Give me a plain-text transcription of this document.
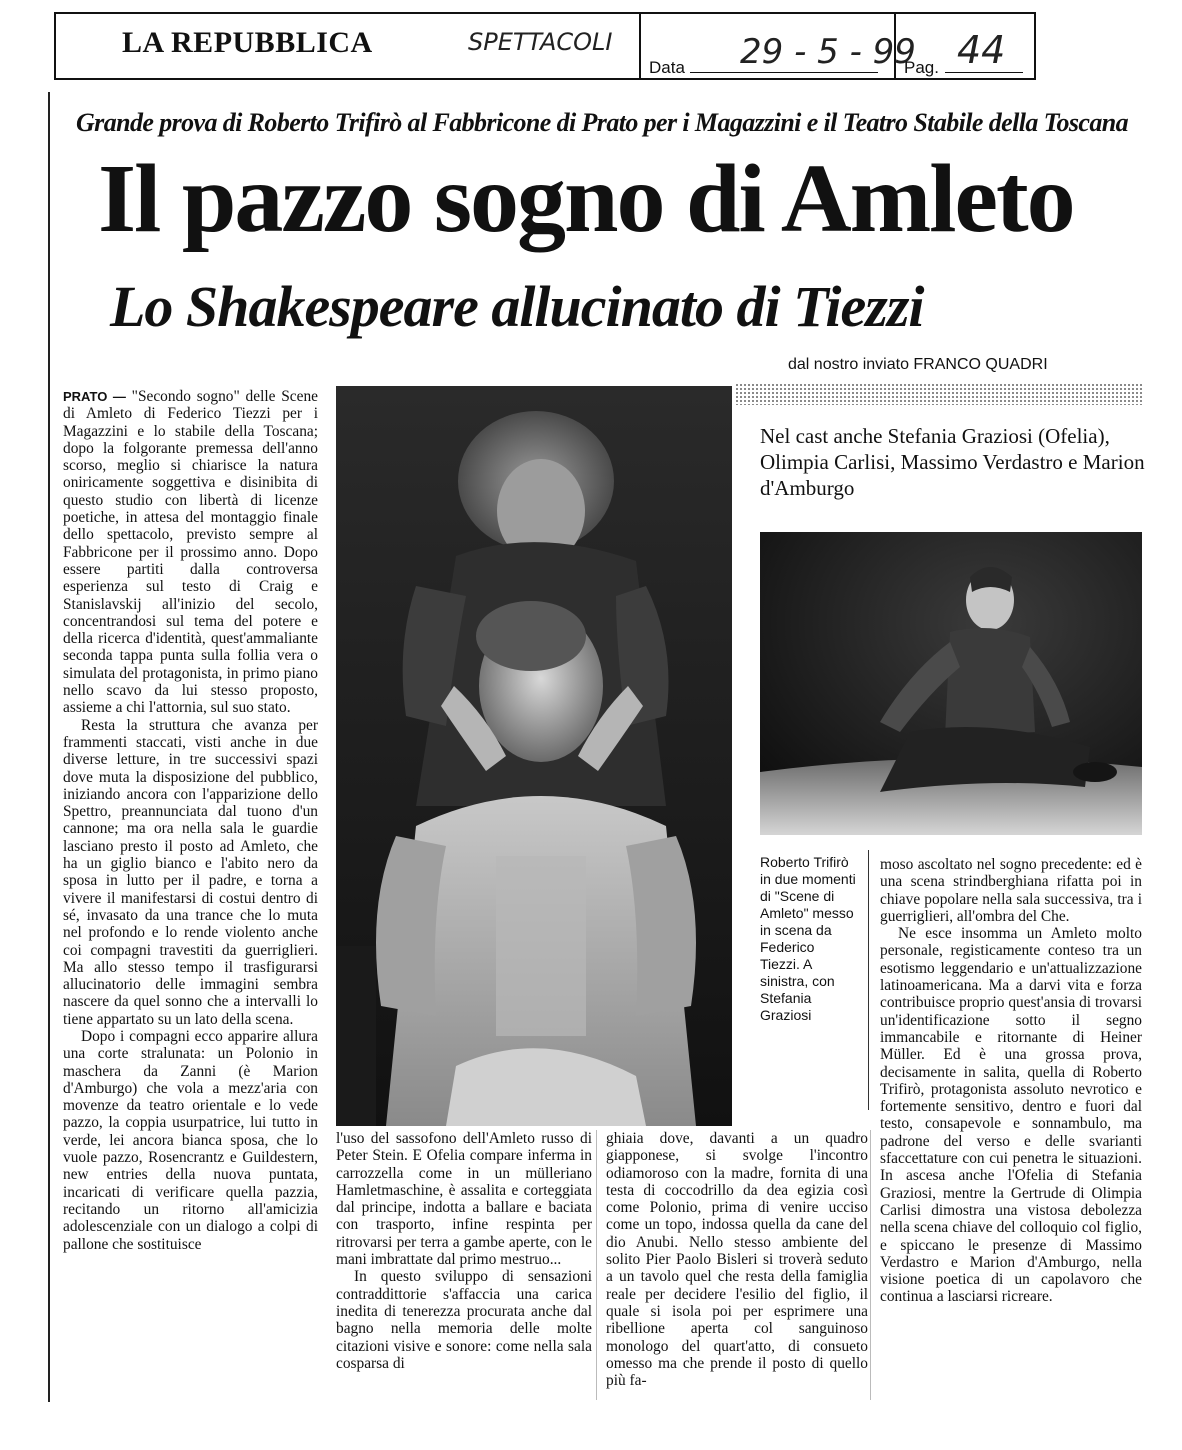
LA REPUBBLICA	SPETTACOLI
Data 29 - 5 - 99
Pag. 44
Grande prova di Roberto Trifirò al Fabbricone di Prato per i Magazzini e il Teatro Stabile della Toscana
Il pazzo sogno di Amleto
Lo Shakespeare allucinato di Tiezzi
dal nostro inviato FRANCO QUADRI

PRATO — "Secondo sogno" delle Scene di Amleto di Federico Tiezzi per i Magazzini e lo stabile della Toscana; dopo la folgorante premessa dell'anno scorso, meglio si chiarisce la natura oniricamente soggettiva e disinibita di questo studio con libertà di licenze poetiche, in attesa del montaggio finale dello spettacolo, previsto sempre al Fabbricone per il prossimo anno. Dopo essere partiti dalla controversa esperienza sul testo di Craig e Stanislavskij all'inizio del secolo, concentrandosi sul tema del potere e della ricerca d'identità, quest'ammaliante seconda tappa punta sulla follia vera o simulata del protagonista, in primo piano nello scavo da lui stesso proposto, assieme a chi l'attornia, sul suo stato.

Resta la struttura che avanza per frammenti staccati, visti anche in due diverse letture, in tre successivi spazi dove muta la disposizione del pubblico, iniziando ancora con l'apparizione dello Spettro, preannunciata dal tuono d'un cannone; ma ora nella sala le guardie lasciano presto il posto ad Amleto, che ha un giglio bianco e l'abito nero da sposa in lutto per il padre, e torna a vivere il manifestarsi di costui dentro di sé, invasato da una trance che lo muta nel profondo e lo rende violento anche coi compagni travestiti da guerriglieri. Ma allo stesso tempo il trasfigurarsi allucinatorio delle immagini sembra nascere da quel sonno che a intervalli lo tiene appartato su un lato della scena.

Dopo i compagni ecco apparire allura una corte stralunata: un Polonio in maschera da Zanni (è Marion d'Amburgo) che vola a mezz'aria con movenze da teatro orientale e lo vede pazzo, la coppia usurpatrice, lui tutto in verde, lei ancora bianca sposa, che lo vuole pazzo, Rosencrantz e Guildestern, new entries della nuova puntata, incaricati di verificare quella pazzia, recitando un ritorno all'amicizia adolescenziale con un dialogo a colpi di pallone che sostituisce

Nel cast anche Stefania Graziosi (Ofelia), Olimpia Carlisi, Massimo Verdastro e Marion d'Amburgo
Roberto Trifirò in due momenti di "Scene di Amleto" messo in scena da Federico Tiezzi. A sinistra, con Stefania Graziosi

l'uso del sassofono dell'Amleto russo di Peter Stein. E Ofelia compare inferma in carrozzella come in un mülleriano Hamletmaschine, è assalita e corteggiata dal principe, indotta a ballare e baciata con trasporto, infine respinta per ritrovarsi per terra a gambe aperte, con le mani imbrattate dal primo mestruo...

In questo sviluppo di sensazioni contraddittorie s'affaccia una carica inedita di tenerezza procurata anche dal bagno nella memoria delle molte citazioni visive e sonore: come nella sala cosparsa di

ghiaia dove, davanti a un quadro giapponese, si svolge l'incontro odiamoroso con la madre, fornita di una testa di coccodrillo da dea egizia così come Polonio, prima di venire ucciso come un topo, indossa quella da cane del dio Anubi. Nello stesso ambiente del solito Pier Paolo Bisleri si troverà seduto a un tavolo quel che resta della famiglia reale per decidere l'esilio del figlio, il quale si isola poi per esprimere una ribellione aperta col sanguinoso monologo del quart'atto, di consueto omesso ma che prende il posto di quello più fa-

moso ascoltato nel sogno precedente: ed è una scena strindberghiana rifatta poi in chiave popolare nella sala successiva, tra i guerriglieri, all'ombra del Che.

Ne esce insomma un Amleto molto personale, registicamente conteso tra un esotismo leggendario e un'attualizzazione latinoamericana. Ma a darvi vita e forza contribuisce proprio quest'ansia di trovarsi un'identificazione sotto il segno immancabile e ritornante di Heiner Müller. Ed è una grossa prova, decisamente in salita, quella di Roberto Trifirò, protagonista assoluto nevrotico e fortemente sensitivo, dentro e fuori dal testo, consapevole e sonnambulo, ma padrone del verso e delle svarianti sfaccettature con cui penetra le situazioni. In ascesa anche l'Ofelia di Stefania Graziosi, mentre la Gertrude di Olimpia Carlisi dimostra una vistosa debolezza nella scena chiave del colloquio col figlio, e spiccano le presenze di Massimo Verdastro e Marion d'Amburgo, nella visione poetica di un capolavoro che continua a lasciarsi ricreare.
